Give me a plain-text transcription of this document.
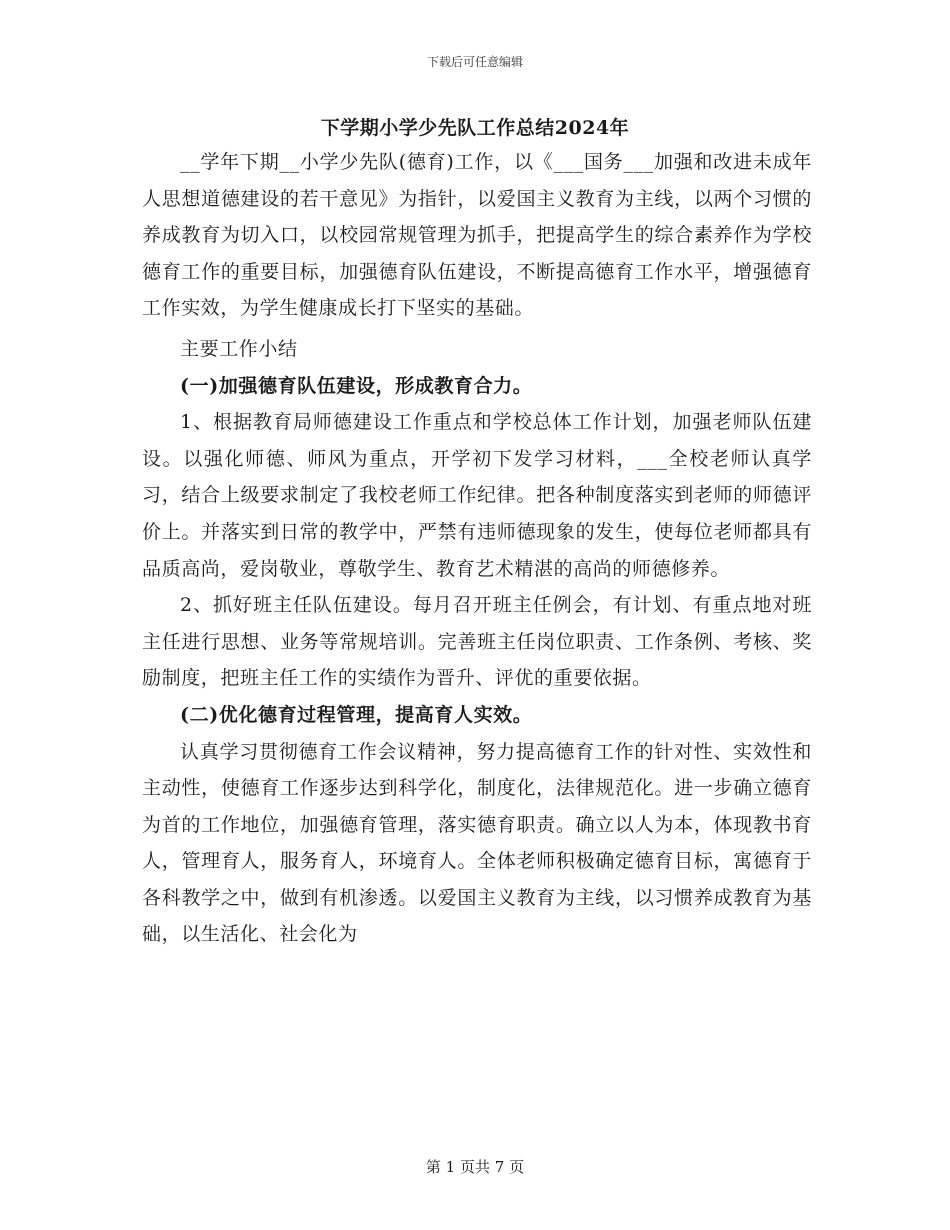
下载后可任意编辑
下学期小学少先队工作总结2024年

__学年下期__小学少先队(德育)工作，以《___国务___加强和改进未成年人思想道德建设的若干意见》为指针，以爱国主义教育为主线，以两个习惯的养成教育为切入口，以校园常规管理为抓手，把提高学生的综合素养作为学校德育工作的重要目标，加强德育队伍建设，不断提高德育工作水平，增强德育工作实效，为学生健康成长打下坚实的基础。

主要工作小结

(一)加强德育队伍建设，形成教育合力。

1、根据教育局师德建设工作重点和学校总体工作计划，加强老师队伍建设。以强化师德、师风为重点，开学初下发学习材料，___全校老师认真学习，结合上级要求制定了我校老师工作纪律。把各种制度落实到老师的师德评价上。并落实到日常的教学中，严禁有违师德现象的发生，使每位老师都具有品质高尚，爱岗敬业，尊敬学生、教育艺术精湛的高尚的师德修养。

2、抓好班主任队伍建设。每月召开班主任例会，有计划、有重点地对班主任进行思想、业务等常规培训。完善班主任岗位职责、工作条例、考核、奖励制度，把班主任工作的实绩作为晋升、评优的重要依据。

(二)优化德育过程管理，提高育人实效。

认真学习贯彻德育工作会议精神，努力提高德育工作的针对性、实效性和主动性，使德育工作逐步达到科学化，制度化，法律规范化。进一步确立德育为首的工作地位，加强德育管理，落实德育职责。确立以人为本，体现教书育人，管理育人，服务育人，环境育人。全体老师积极确定德育目标，寓德育于各科教学之中，做到有机渗透。以爱国主义教育为主线，以习惯养成教育为基础，以生活化、社会化为

第 1 页共 7 页
